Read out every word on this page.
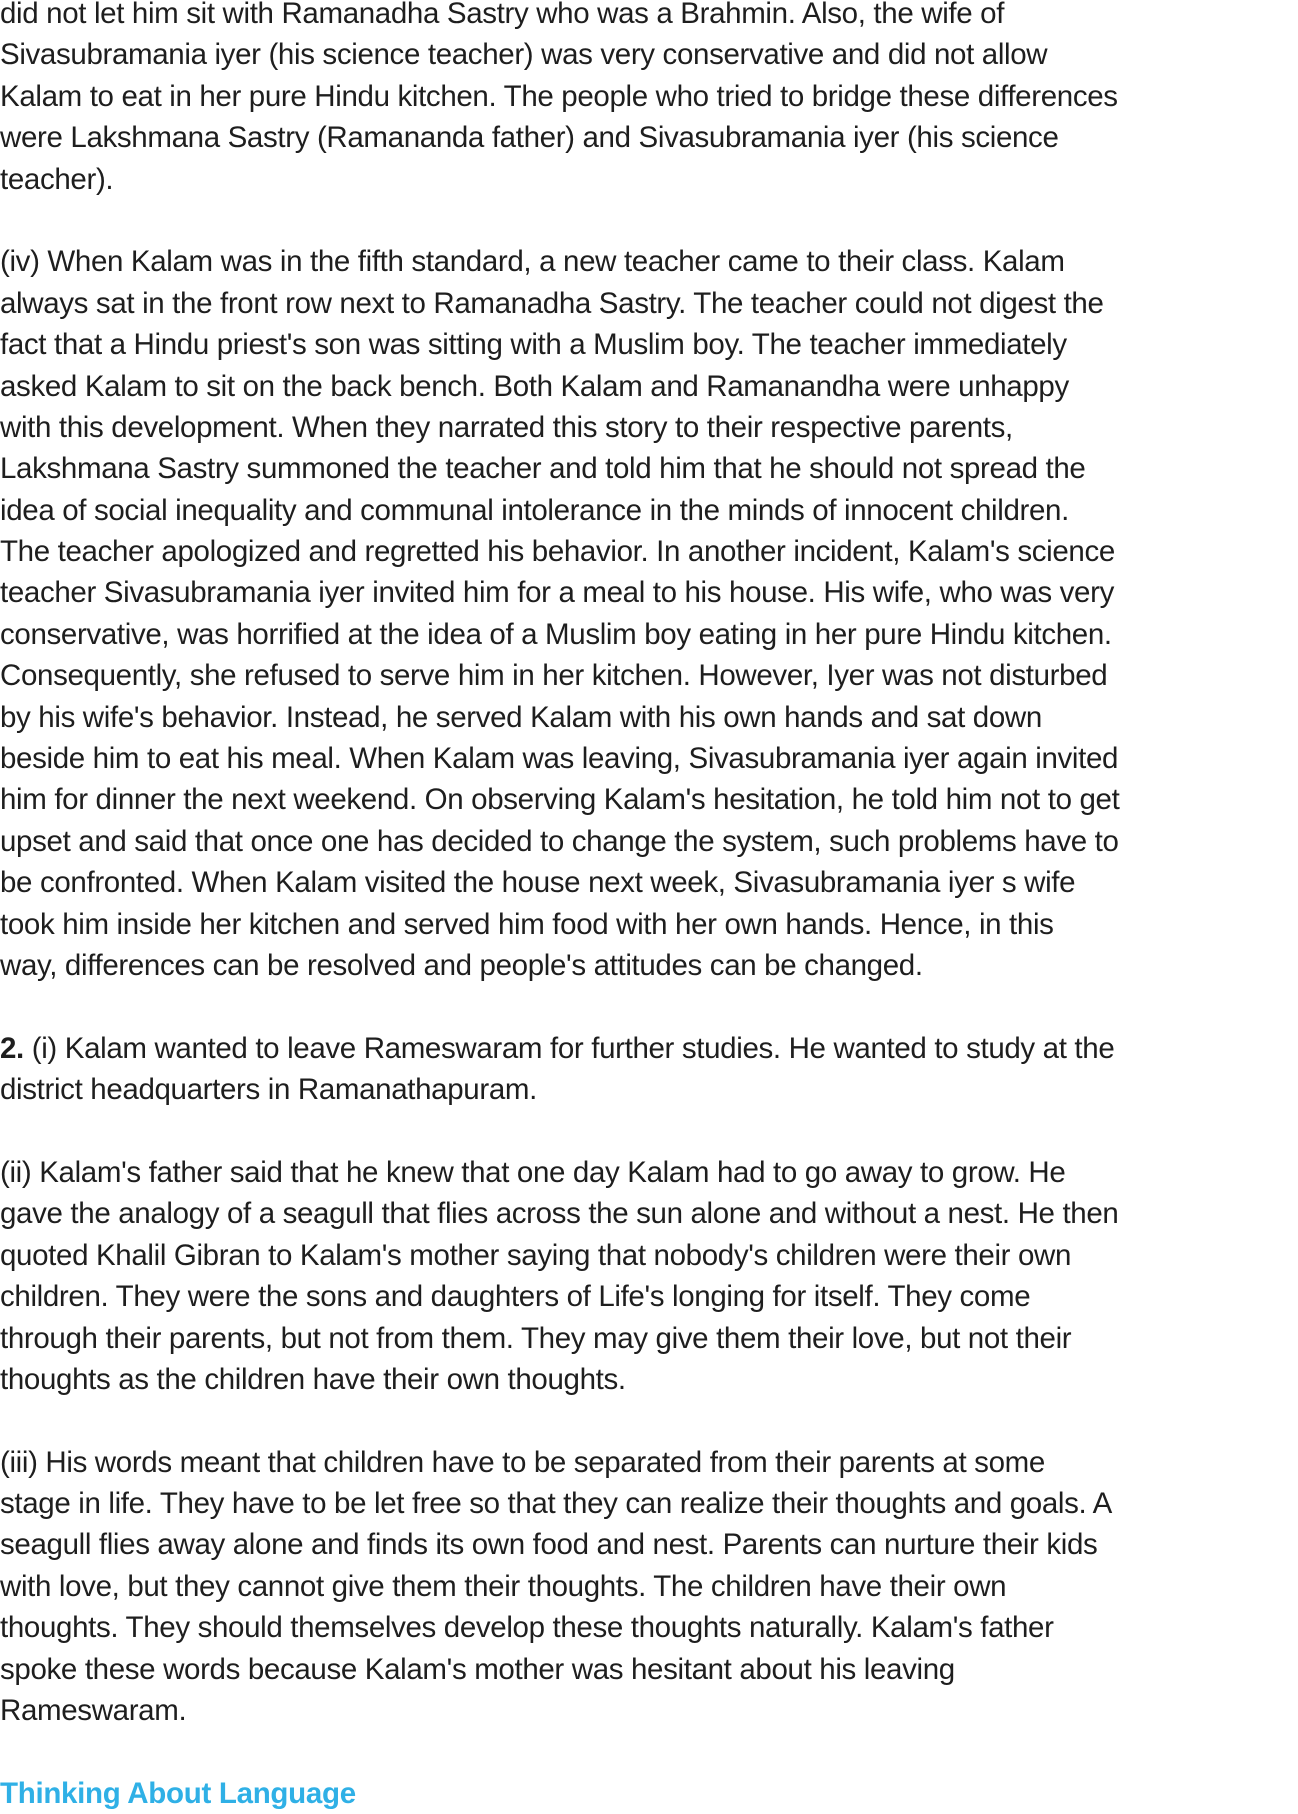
did not let him sit with Ramanadha Sastry who was a Brahmin. Also, the wife of
Sivasubramania iyer (his science teacher) was very conservative and did not allow
Kalam to eat in her pure Hindu kitchen. The people who tried to bridge these differences
were Lakshmana Sastry (Ramananda father) and Sivasubramania iyer (his science
teacher).
(iv) When Kalam was in the fifth standard, a new teacher came to their class. Kalam
always sat in the front row next to Ramanadha Sastry. The teacher could not digest the
fact that a Hindu priest's son was sitting with a Muslim boy. The teacher immediately
asked Kalam to sit on the back bench. Both Kalam and Ramanandha were unhappy
with this development. When they narrated this story to their respective parents,
Lakshmana Sastry summoned the teacher and told him that he should not spread the
idea of social inequality and communal intolerance in the minds of innocent children.
The teacher apologized and regretted his behavior. In another incident, Kalam's science
teacher Sivasubramania iyer invited him for a meal to his house. His wife, who was very
conservative, was horrified at the idea of a Muslim boy eating in her pure Hindu kitchen.
Consequently, she refused to serve him in her kitchen. However, Iyer was not disturbed
by his wife's behavior. Instead, he served Kalam with his own hands and sat down
beside him to eat his meal. When Kalam was leaving, Sivasubramania iyer again invited
him for dinner the next weekend. On observing Kalam's hesitation, he told him not to get
upset and said that once one has decided to change the system, such problems have to
be confronted. When Kalam visited the house next week, Sivasubramania iyer s wife
took him inside her kitchen and served him food with her own hands. Hence, in this
way, differences can be resolved and people's attitudes can be changed.
2. (i) Kalam wanted to leave Rameswaram for further studies. He wanted to study at the
district headquarters in Ramanathapuram.
(ii) Kalam's father said that he knew that one day Kalam had to go away to grow. He
gave the analogy of a seagull that flies across the sun alone and without a nest. He then
quoted Khalil Gibran to Kalam's mother saying that nobody's children were their own
children. They were the sons and daughters of Life's longing for itself. They come
through their parents, but not from them. They may give them their love, but not their
thoughts as the children have their own thoughts.
(iii) His words meant that children have to be separated from their parents at some
stage in life. They have to be let free so that they can realize their thoughts and goals. A
seagull flies away alone and finds its own food and nest. Parents can nurture their kids
with love, but they cannot give them their thoughts. The children have their own
thoughts. They should themselves develop these thoughts naturally. Kalam's father
spoke these words because Kalam's mother was hesitant about his leaving
Rameswaram.
Thinking About Language
